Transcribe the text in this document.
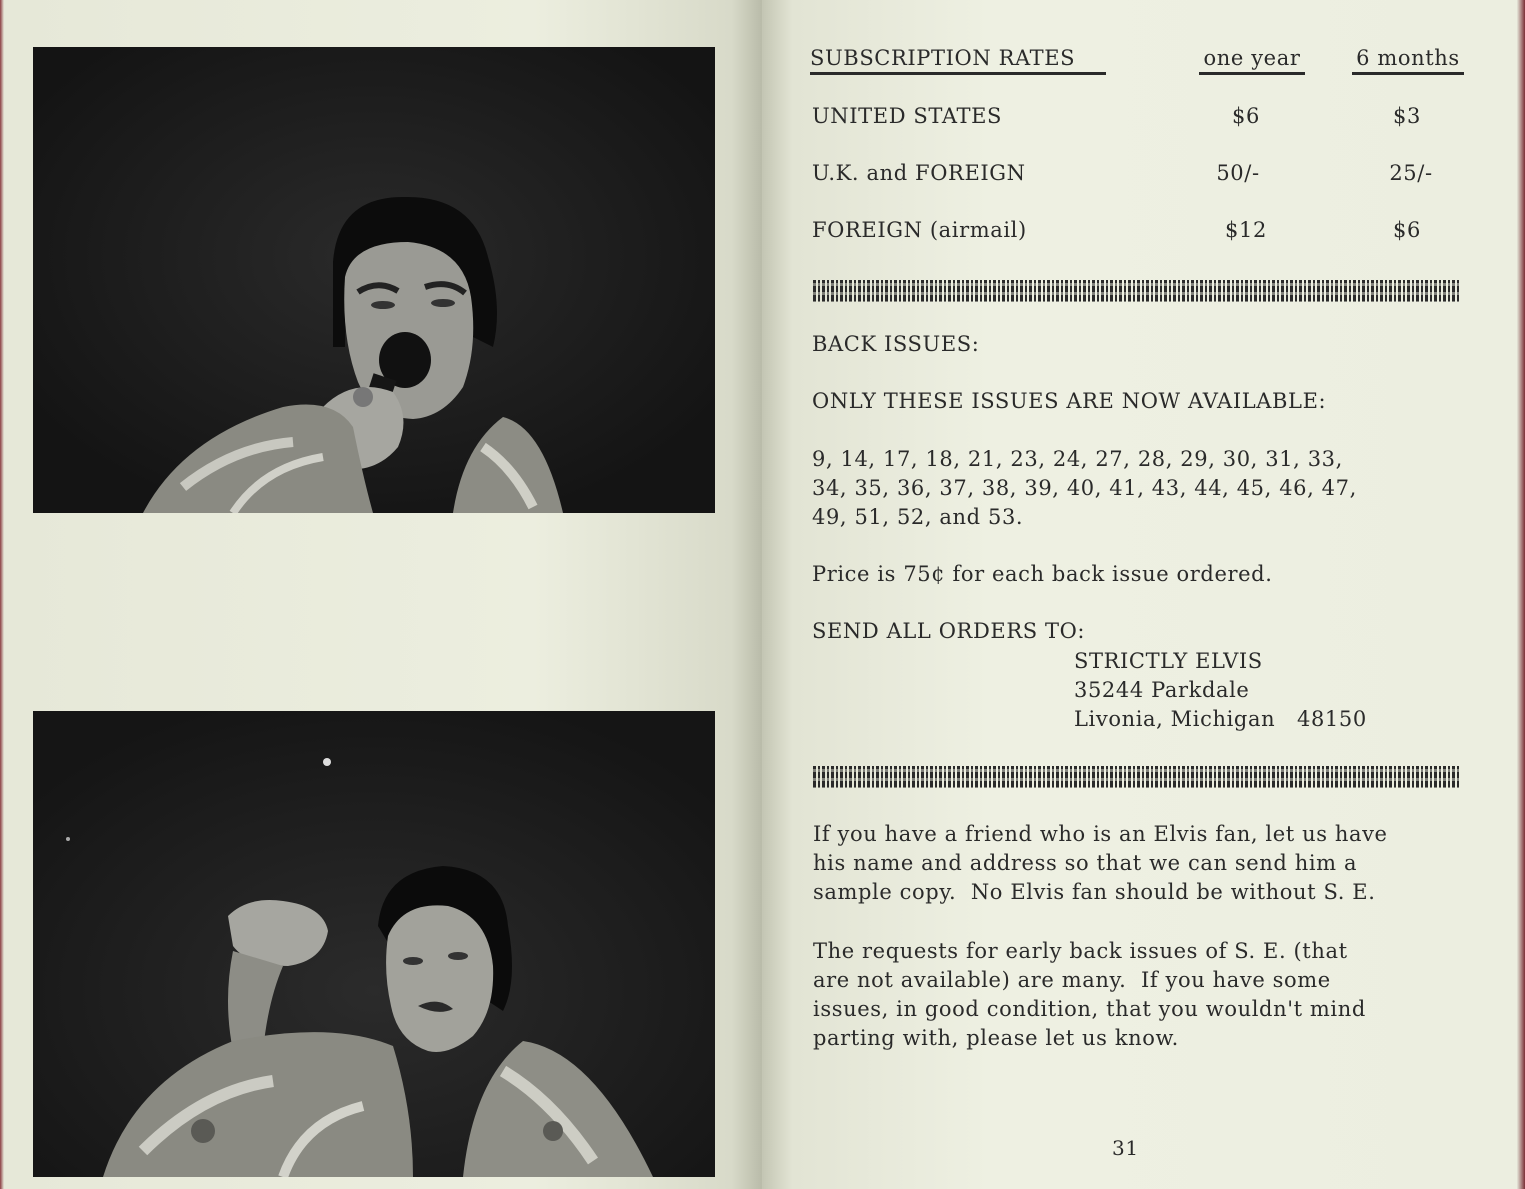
SUBSCRIPTION RATES	one year	6 months
UNITED STATES	$6	$3
U.K. and FOREIGN	50/-	25/-
FOREIGN (airmail)	$12	$6
BACK ISSUES:
ONLY THESE ISSUES ARE NOW AVAILABLE:
9, 14, 17, 18, 21, 23, 24, 27, 28, 29, 30, 31, 33,
34, 35, 36, 37, 38, 39, 40, 41, 43, 44, 45, 46, 47,
49, 51, 52, and 53.
Price is 75¢ for each back issue ordered.
SEND ALL ORDERS TO:
STRICTLY ELVIS
35244 Parkdale
Livonia, Michigan   48150
If you have a friend who is an Elvis fan, let us have
his name and address so that we can send him a
sample copy.  No Elvis fan should be without S. E.
The requests for early back issues of S. E. (that
are not available) are many.  If you have some
issues, in good condition, that you wouldn't mind
parting with, please let us know.
31
